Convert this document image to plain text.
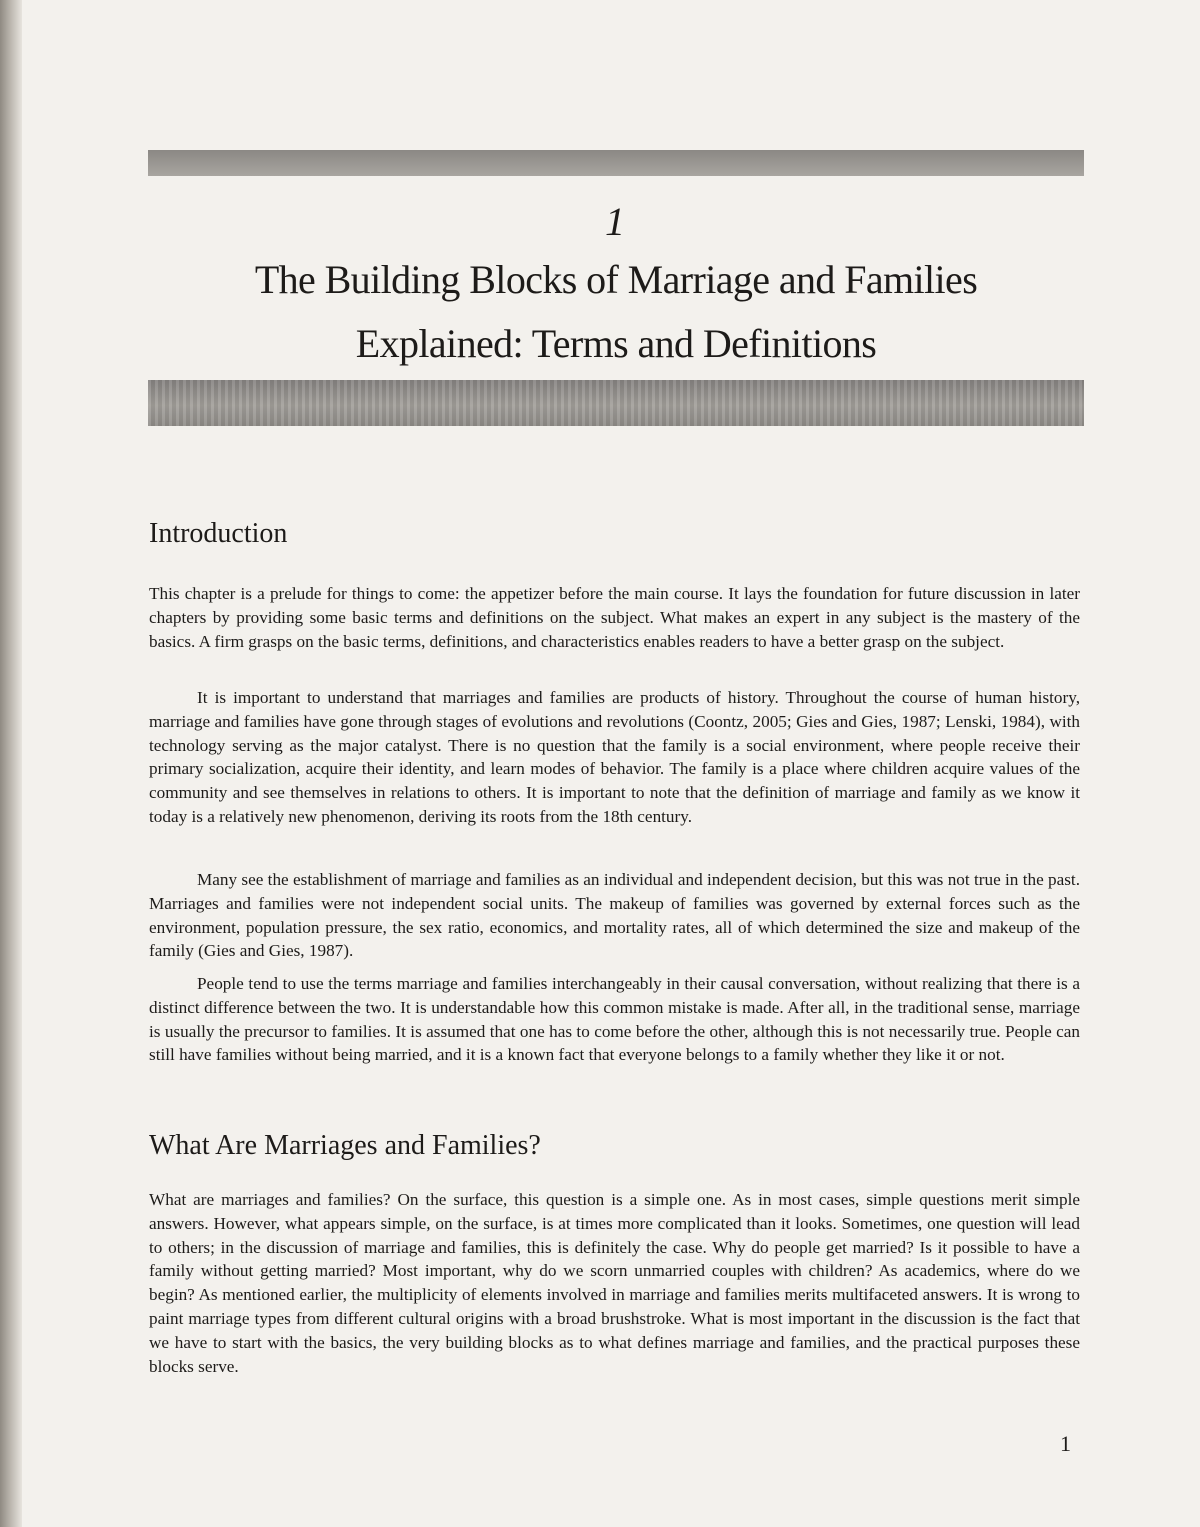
1
The Building Blocks of Marriage and Families
Explained: Terms and Definitions
Introduction

This chapter is a prelude for things to come: the appetizer before the main course. It lays the foundation for future discussion in later chapters by providing some basic terms and definitions on the subject. What makes an expert in any subject is the mastery of the basics. A firm grasps on the basic terms, definitions, and characteristics enables readers to have a better grasp on the subject.

It is important to understand that marriages and families are products of history. Throughout the course of human history, marriage and families have gone through stages of evolutions and revolutions (Coontz, 2005; Gies and Gies, 1987; Lenski, 1984), with technology serving as the major catalyst. There is no question that the family is a social environment, where people receive their primary socialization, acquire their identity, and learn modes of behavior. The family is a place where children acquire values of the community and see themselves in relations to others. It is important to note that the definition of marriage and family as we know it today is a relatively new phenomenon, deriving its roots from the 18th century.

Many see the establishment of marriage and families as an individual and independent decision, but this was not true in the past. Marriages and families were not independent social units. The makeup of families was governed by external forces such as the environment, population pressure, the sex ratio, economics, and mortality rates, all of which determined the size and makeup of the family (Gies and Gies, 1987).

People tend to use the terms marriage and families interchangeably in their causal conversation, without realizing that there is a distinct difference between the two. It is understandable how this common mistake is made. After all, in the traditional sense, marriage is usually the precursor to families. It is assumed that one has to come before the other, although this is not necessarily true. People can still have families without being married, and it is a known fact that everyone belongs to a family whether they like it or not.

What Are Marriages and Families?

What are marriages and families? On the surface, this question is a simple one. As in most cases, simple questions merit simple answers. However, what appears simple, on the surface, is at times more complicated than it looks. Sometimes, one question will lead to others; in the discussion of marriage and families, this is definitely the case. Why do people get married? Is it possible to have a family without getting married? Most important, why do we scorn unmarried couples with children? As academics, where do we begin? As mentioned earlier, the multiplicity of elements involved in marriage and families merits multifaceted answers. It is wrong to paint marriage types from different cultural origins with a broad brushstroke. What is most important in the discussion is the fact that we have to start with the basics, the very building blocks as to what defines marriage and families, and the practical purposes these blocks serve.

1
